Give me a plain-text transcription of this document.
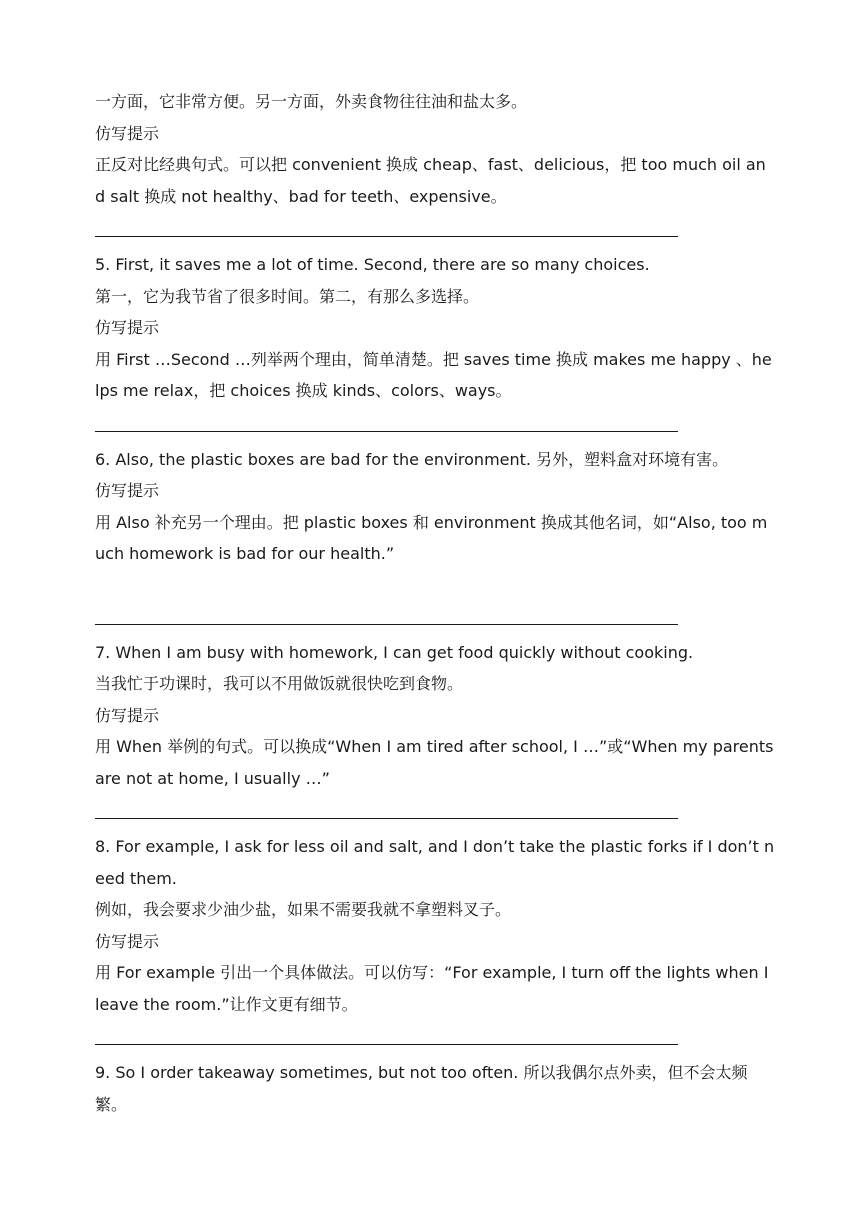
一方面，它非常方便。另一方面，外卖食物往往油和盐太多。

仿写提示

正反对比经典句式。可以把 convenient 换成 cheap、fast、delicious，把 too much oil and salt 换成 not healthy、bad for teeth、expensive。

5. First, it saves me a lot of time. Second, there are so many choices.

第一，它为我节省了很多时间。第二，有那么多选择。

仿写提示

用 First …Second …列举两个理由，简单清楚。把 saves time 换成 makes me happy 、helps me relax，把 choices 换成 kinds、colors、ways。

6. Also, the plastic boxes are bad for the environment. 另外，塑料盒对环境有害。

仿写提示

用 Also 补充另一个理由。把 plastic boxes 和 environment 换成其他名词，如“Also, too much homework is bad for our health.”

7. When I am busy with homework, I can get food quickly without cooking.

当我忙于功课时，我可以不用做饭就很快吃到食物。

仿写提示

用 When 举例的句式。可以换成“When I am tired after school, I …”或“When my parents are not at home, I usually …”

8. For example, I ask for less oil and salt, and I don’t take the plastic forks if I don’t need them.

例如，我会要求少油少盐，如果不需要我就不拿塑料叉子。

仿写提示

用 For example 引出一个具体做法。可以仿写：“For example, I turn off the lights when I leave the room.”让作文更有细节。

9. So I order takeaway sometimes, but not too often. 所以我偶尔点外卖，但不会太频繁。
